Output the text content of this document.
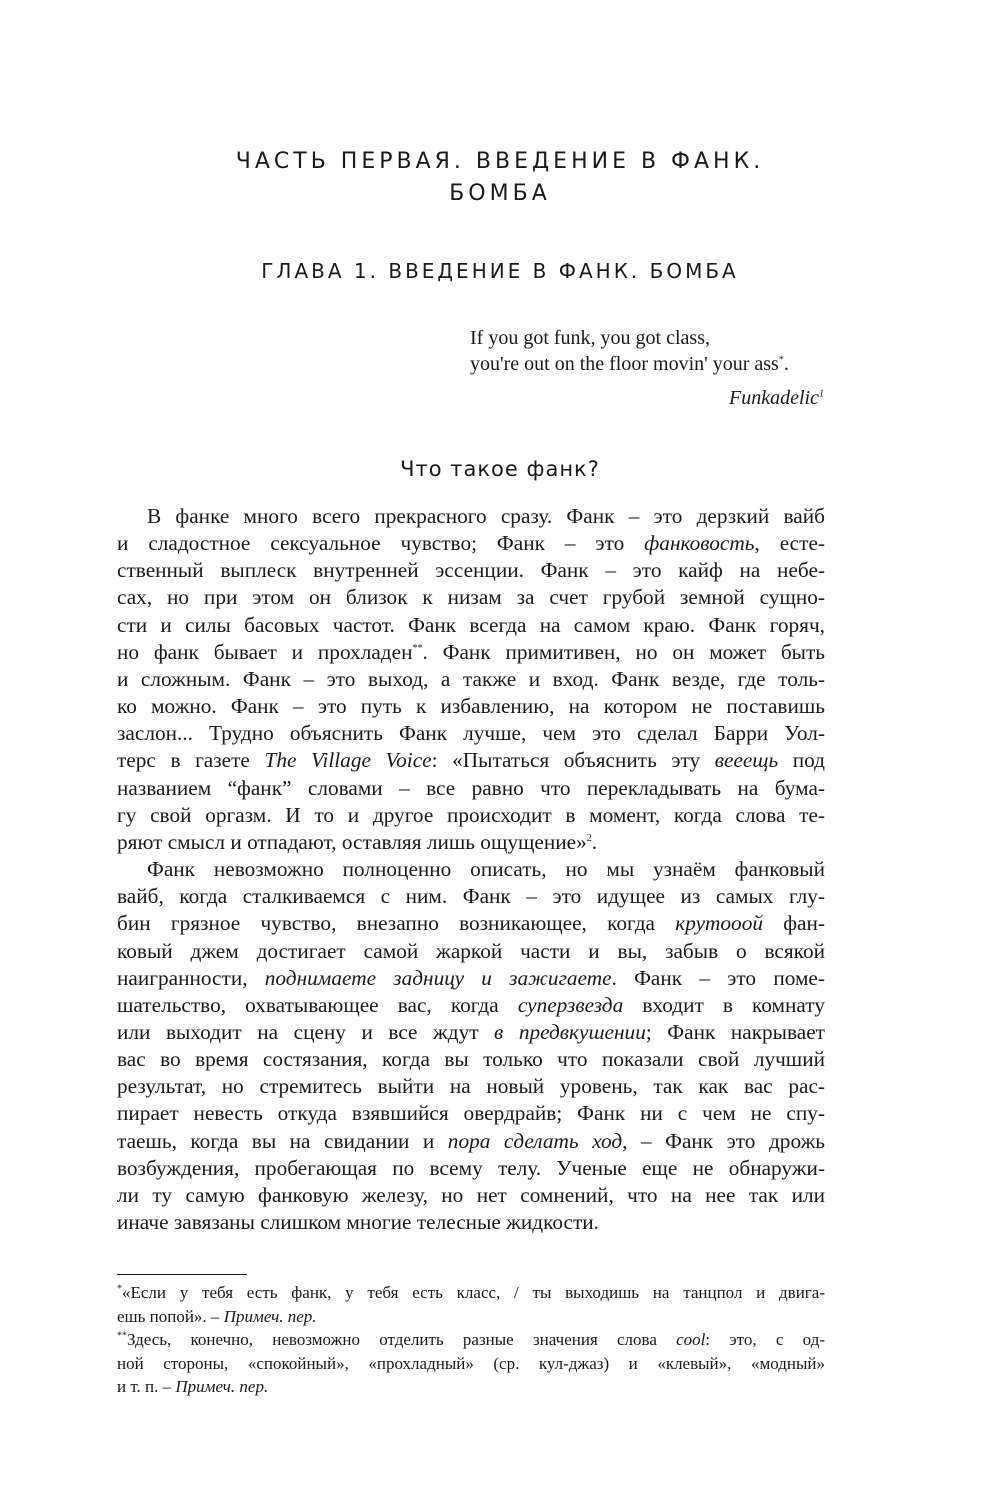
ЧАСТЬ ПЕРВАЯ. ВВЕДЕНИЕ В ФАНК.
БОМБА
ГЛАВА 1. ВВЕДЕНИЕ В ФАНК. БОМБА
If you got funk, you got class,
you're out on the floor movin' your ass*.
Funkadelic$^1$
Что такое фанк?
В фанке много всего прекрасного сразу. Фанк – это дерзкий вайб
и сладостное сексуальное чувство; Фанк – это фанковость, есте-
ственный выплеск внутренней эссенции. Фанк – это кайф на небе-
сах, но при этом он близок к низам за счет грубой земной сущно-
сти и силы басовых частот. Фанк всегда на самом краю. Фанк горяч,
но фанк бывает и прохладен**. Фанк примитивен, но он может быть
и сложным. Фанк – это выход, а также и вход. Фанк везде, где толь-
ко можно. Фанк – это путь к избавлению, на котором не поставишь
заслон... Трудно объяснить Фанк лучше, чем это сделал Барри Уол-
терс в газете The Village Voice: «Пытаться объяснить эту вееещь под
названием “фанк” словами – все равно что перекладывать на бума-
гу свой оргазм. И то и другое происходит в момент, когда слова те-
ряют смысл и отпадают, оставляя лишь ощущение»$^2$.
Фанк невозможно полноценно описать, но мы узнаём фанковый
вайб, когда сталкиваемся с ним. Фанк – это идущее из самых глу-
бин грязное чувство, внезапно возникающее, когда крутооой фан-
ковый джем достигает самой жаркой части и вы, забыв о всякой
наигранности, поднимаете задницу и зажигаете. Фанк – это поме-
шательство, охватывающее вас, когда суперзвезда входит в комнату
или выходит на сцену и все ждут в предвкушении; Фанк накрывает
вас во время состязания, когда вы только что показали свой лучший
результат, но стремитесь выйти на новый уровень, так как вас рас-
пирает невесть откуда взявшийся овердрайв; Фанк ни с чем не спу-
таешь, когда вы на свидании и пора сделать ход, – Фанк это дрожь
возбуждения, пробегающая по всему телу. Ученые еще не обнаружи-
ли ту самую фанковую железу, но нет сомнений, что на нее так или
иначе завязаны слишком многие телесные жидкости.
*«Если у тебя есть фанк, у тебя есть класс, / ты выходишь на танцпол и двига-
ешь попой». – Примеч. пер.
**Здесь, конечно, невозможно отделить разные значения слова cool: это, с од-
ной стороны, «спокойный», «прохладный» (ср. кул-джаз) и «клевый», «модный»
и т. п. – Примеч. пер.
